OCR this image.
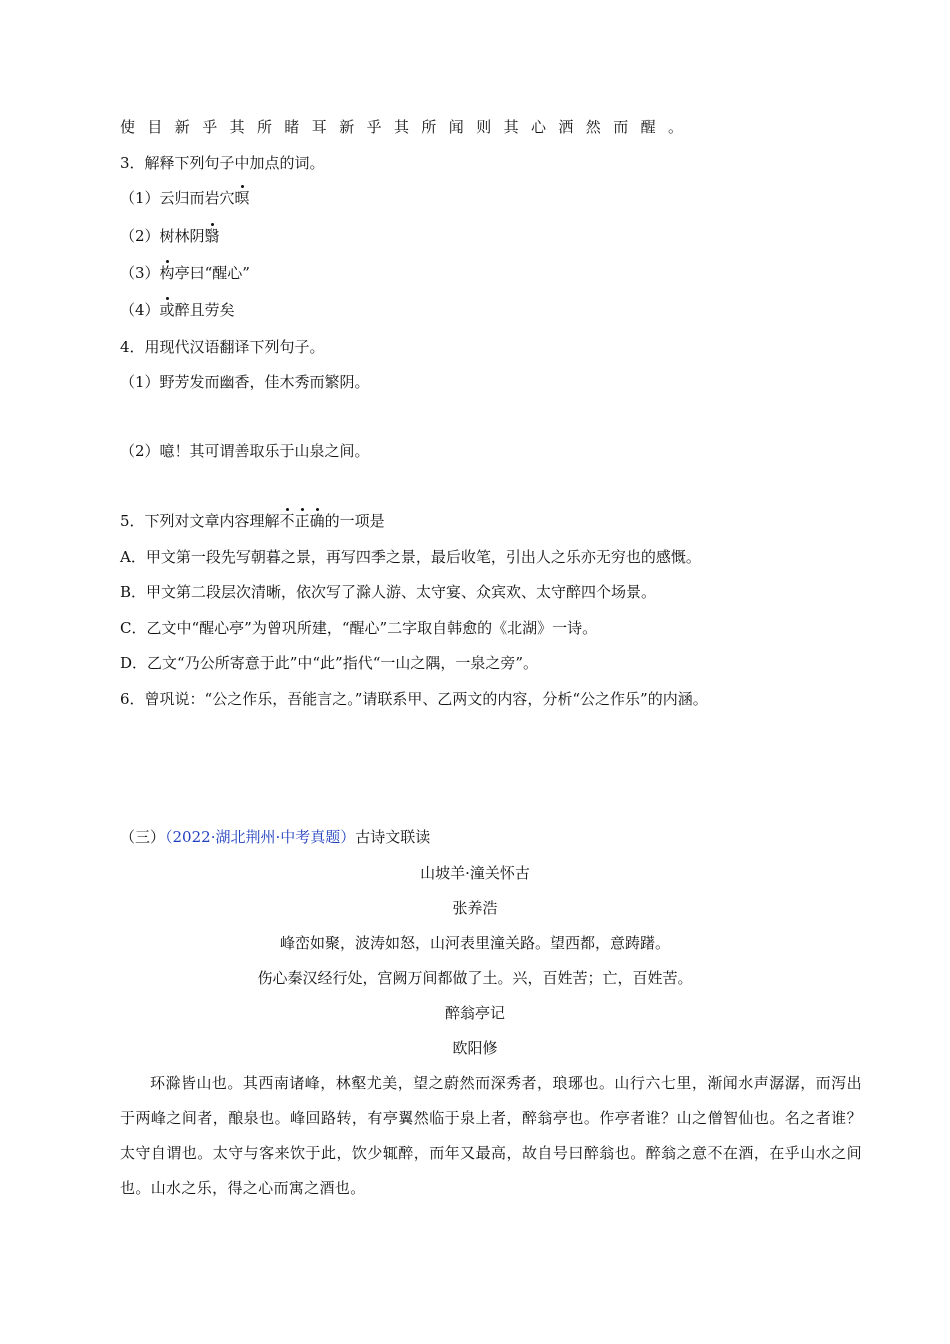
使目新乎其所睹耳新乎其所闻则其心洒然而醒。
3．解释下列句子中加点的词。
（1）云归而岩穴暝
（2）树林阴翳
（3）构亭曰“醒心”
（4）或醉且劳矣
4．用现代汉语翻译下列句子。
（1）野芳发而幽香，佳木秀而繁阴。
（2）噫！其可谓善取乐于山泉之间。
5．下列对文章内容理解不正确的一项是
A．甲文第一段先写朝暮之景，再写四季之景，最后收笔，引出人之乐亦无穷也的感慨。
B．甲文第二段层次清晰，依次写了滁人游、太守宴、众宾欢、太守醉四个场景。
C．乙文中“醒心亭”为曾巩所建，“醒心”二字取自韩愈的《北湖》一诗。
D．乙文“乃公所寄意于此”中“此”指代“一山之隅，一泉之旁”。
6．曾巩说：“公之作乐，吾能言之。”请联系甲、乙两文的内容，分析“公之作乐”的内涵。
（三）（2022·湖北荆州·中考真题）古诗文联读
山坡羊·潼关怀古
张养浩
峰峦如聚，波涛如怒，山河表里潼关路。望西都，意踌躇。
伤心秦汉经行处，宫阙万间都做了土。兴，百姓苦；亡，百姓苦。
醉翁亭记
欧阳修
环滁皆山也。其西南诸峰，林壑尤美，望之蔚然而深秀者，琅琊也。山行六七里，渐闻水声潺潺，而泻出于两峰之间者，酿泉也。峰回路转，有亭翼然临于泉上者，醉翁亭也。作亭者谁？山之僧智仙也。名之者谁？太守自谓也。太守与客来饮于此，饮少辄醉，而年又最高，故自号曰醉翁也。醉翁之意不在酒，在乎山水之间也。山水之乐，得之心而寓之酒也。
